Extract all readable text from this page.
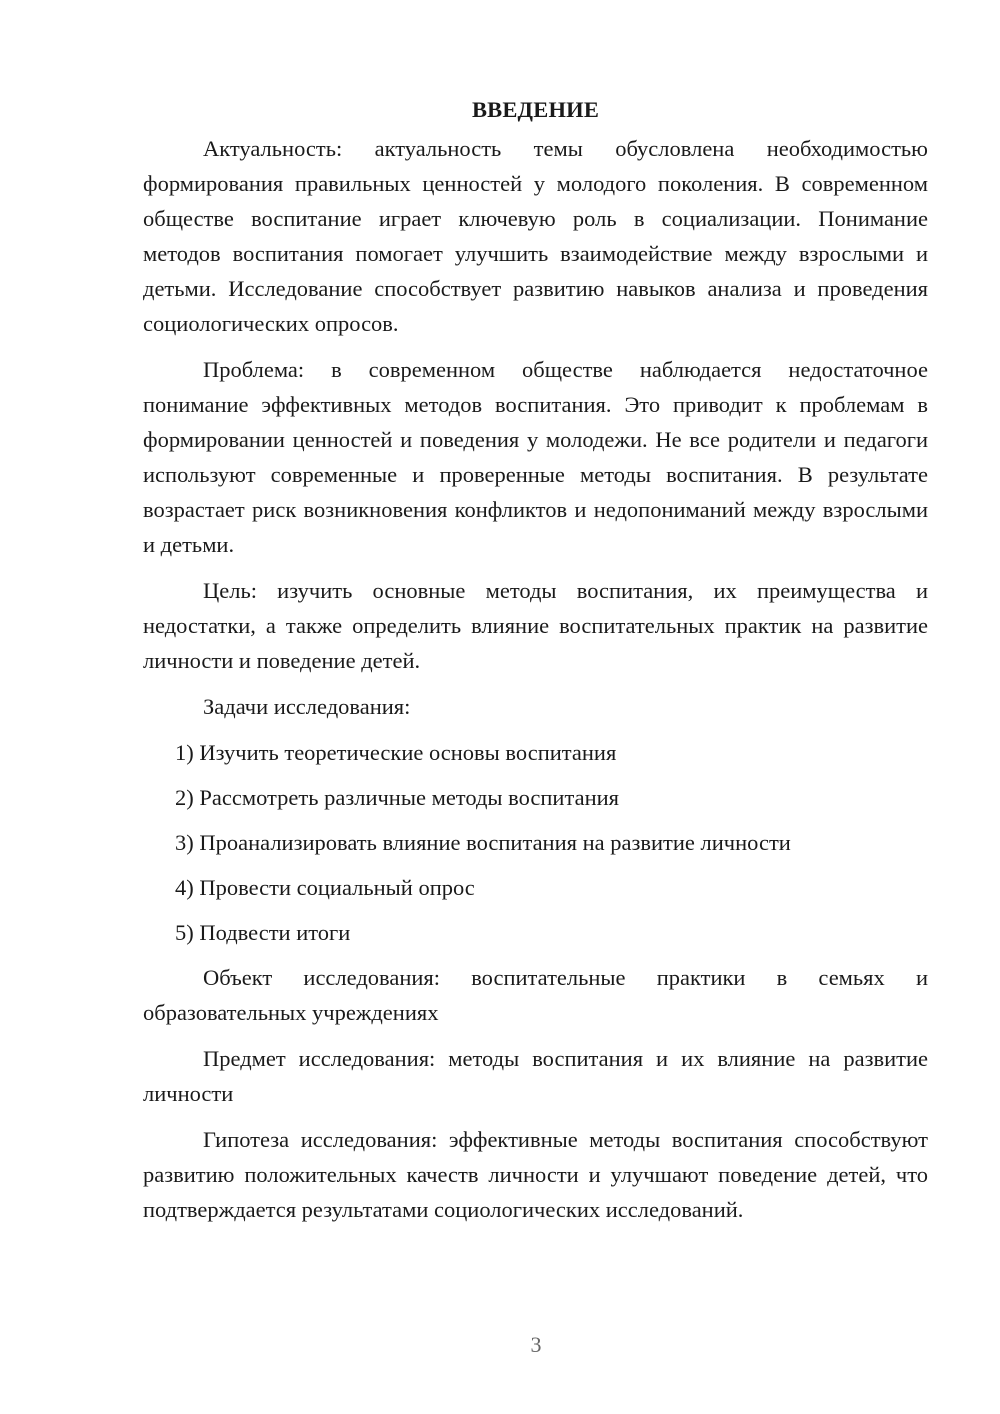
ВВЕДЕНИЕ

Актуальность: актуальность темы обусловлена необходимостью формирования правильных ценностей у молодого поколения. В современном обществе воспитание играет ключевую роль в социализации. Понимание методов воспитания помогает улучшить взаимодействие между взрослыми и детьми. Исследование способствует развитию навыков анализа и проведения социологических опросов.

Проблема: в современном обществе наблюдается недостаточное понимание эффективных методов воспитания. Это приводит к проблемам в формировании ценностей и поведения у молодежи. Не все родители и педагоги используют современные и проверенные методы воспитания. В результате возрастает риск возникновения конфликтов и недопониманий между взрослыми и детьми.

Цель: изучить основные методы воспитания, их преимущества и недостатки, а также определить влияние воспитательных практик на развитие личности и поведение детей.

Задачи исследования:

1) Изучить теоретические основы воспитания
2) Рассмотреть различные методы воспитания
3) Проанализировать влияние воспитания на развитие личности
4) Провести социальный опрос
5) Подвести итоги

Объект исследования: воспитательные практики в семьях и образовательных учреждениях

Предмет исследования: методы воспитания и их влияние на развитие личности

Гипотеза исследования: эффективные методы воспитания способствуют развитию положительных качеств личности и улучшают поведение детей, что подтверждается результатами социологических исследований.

3
